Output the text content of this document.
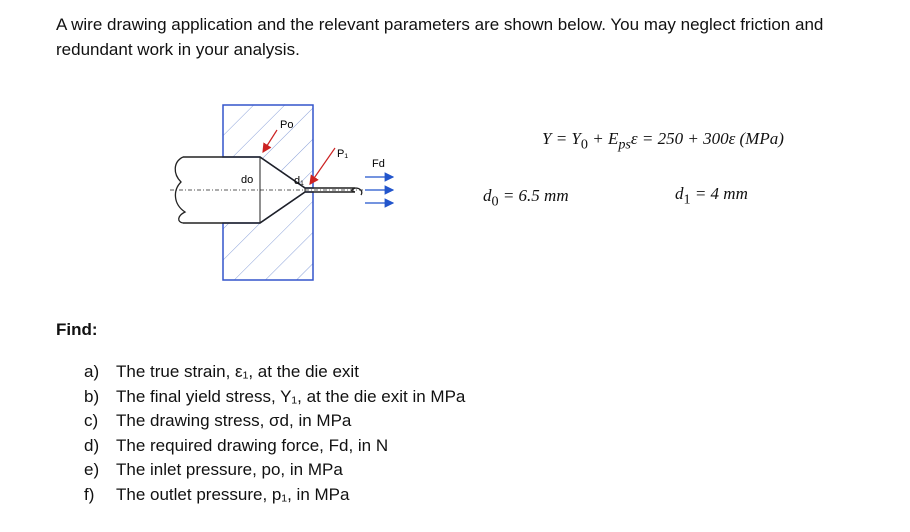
A wire drawing application and the relevant parameters are shown below. You may neglect friction and redundant work in your analysis.

Po
P₁
Fd
do	d₁
$Y = Y_0 + E_{ps}\varepsilon = 250 + 300\varepsilon$ (MPa)
$d_0 = 6.5$ mm	$d_1 = 4$ mm
Find:
a) The true strain, ε₁, at the die exit
b) The final yield stress, Y₁, at the die exit in MPa
c) The drawing stress, σd, in MPa
d) The required drawing force, Fd, in N
e) The inlet pressure, po, in MPa
f) The outlet pressure, p₁, in MPa
